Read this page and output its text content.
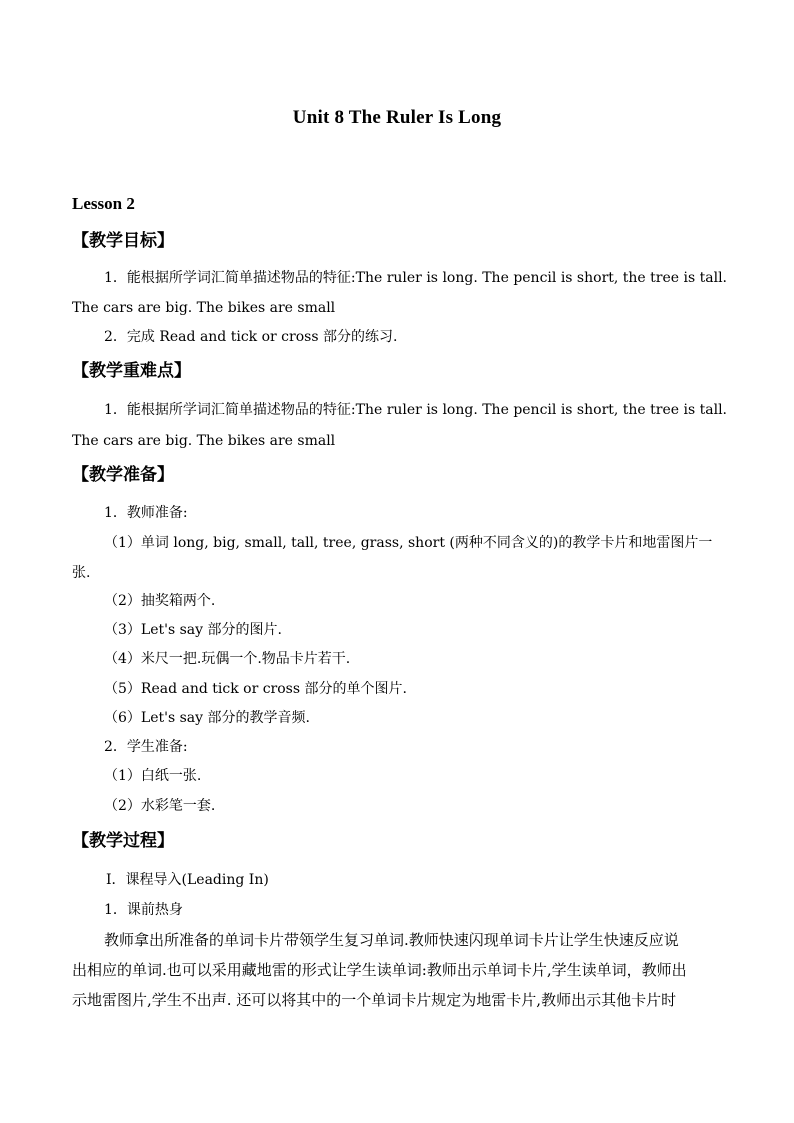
Unit 8 The Ruler Is Long
Lesson 2
【教学目标】
1．能根据所学词汇简单描述物品的特征:The ruler is long. The pencil is short, the tree is tall.
The cars are big. The bikes are small
2．完成 Read and tick or cross 部分的练习.
【教学重难点】
1．能根据所学词汇简单描述物品的特征:The ruler is long. The pencil is short, the tree is tall.
The cars are big. The bikes are small
【教学准备】
1．教师准备:
（1）单词 long, big, small, tall, tree, grass, short (两种不同含义的)的教学卡片和地雷图片一
张.
（2）抽奖箱两个.
（3）Let's say 部分的图片.
（4）米尺一把.玩偶一个.物品卡片若干.
（5）Read and tick or cross 部分的单个图片.
（6）Let's say 部分的教学音频.
2．学生准备:
（1）白纸一张.
（2）水彩笔一套.
【教学过程】
Ⅰ．课程导入(Leading In)
1．课前热身
教师拿出所准备的单词卡片带领学生复习单词.教师快速闪现单词卡片让学生快速反应说
出相应的单词.也可以采用藏地雷的形式让学生读单词:教师出示单词卡片,学生读单词，教师出
示地雷图片,学生不出声. 还可以将其中的一个单词卡片规定为地雷卡片,教师出示其他卡片时
